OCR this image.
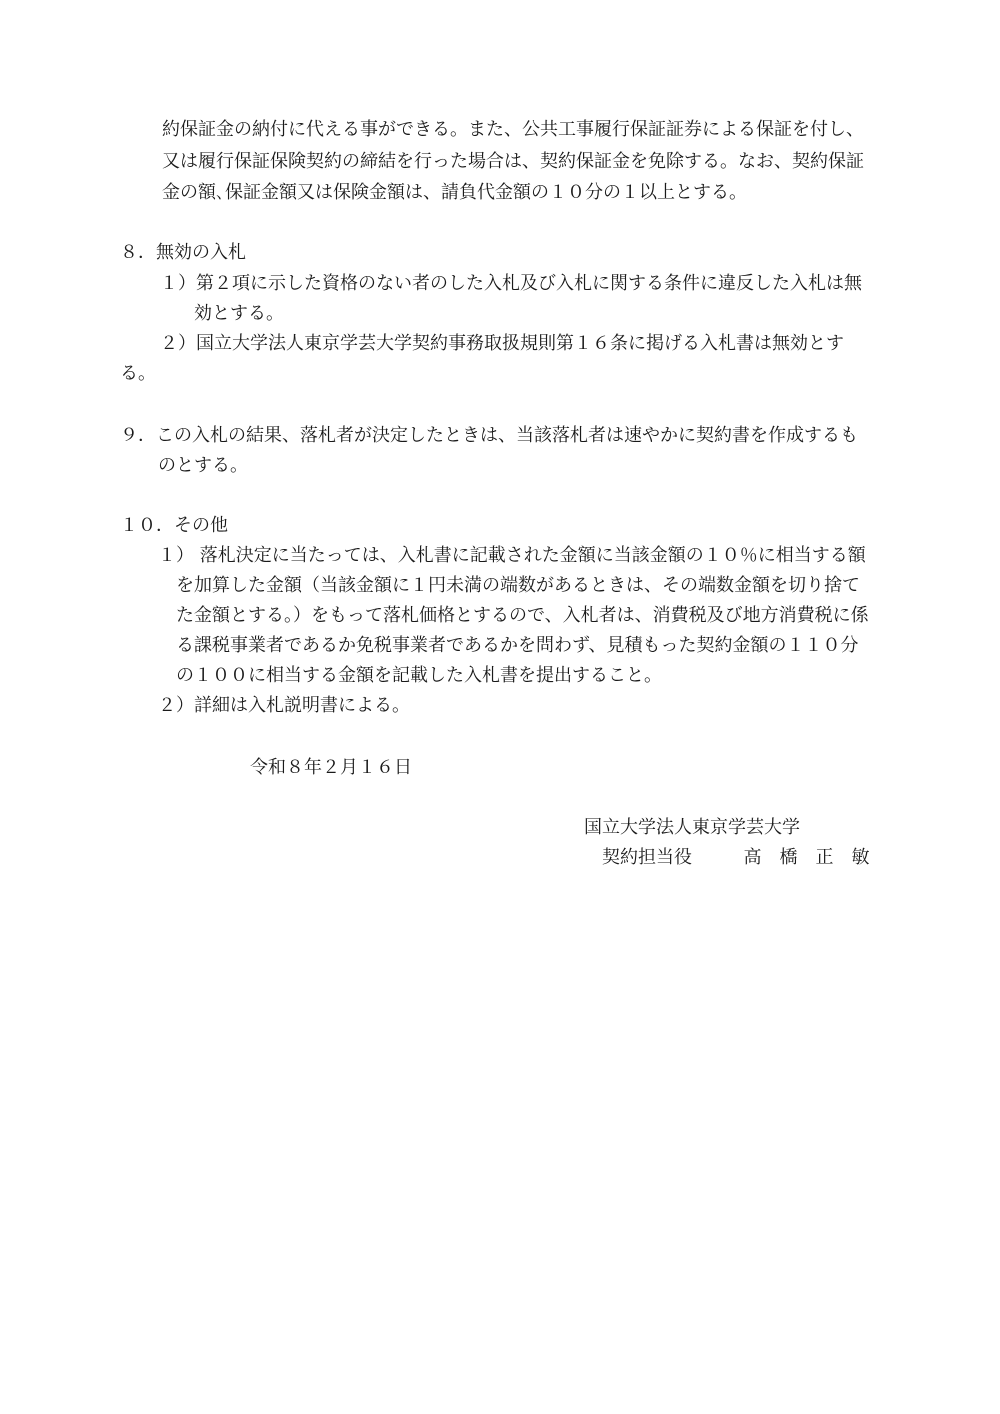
約保証金の納付に代える事ができる。また、公共工事履行保証証券による保証を付し、
又は履行保証保険契約の締結を行った場合は、契約保証金を免除する。なお、契約保証
金の額､保証金額又は保険金額は、請負代金額の１０分の１以上とする。
８．無効の入札
１）第２項に示した資格のない者のした入札及び入札に関する条件に違反した入札は無
効とする。
２）国立大学法人東京学芸大学契約事務取扱規則第１６条に掲げる入札書は無効とす
る。
９．この入札の結果、落札者が決定したときは、当該落札者は速やかに契約書を作成するも
のとする。
１０．その他
１） 落札決定に当たっては、入札書に記載された金額に当該金額の１０％に相当する額
を加算した金額（当該金額に１円未満の端数があるときは、その端数金額を切り捨て
た金額とする。）をもって落札価格とするので、入札者は、消費税及び地方消費税に係
る課税事業者であるか免税事業者であるかを問わず、見積もった契約金額の１１０分
の１００に相当する金額を記載した入札書を提出すること。
２）詳細は入札説明書による。
令和８年２月１６日
国立大学法人東京学芸大学
契約担当役	高　橋　正　敏
